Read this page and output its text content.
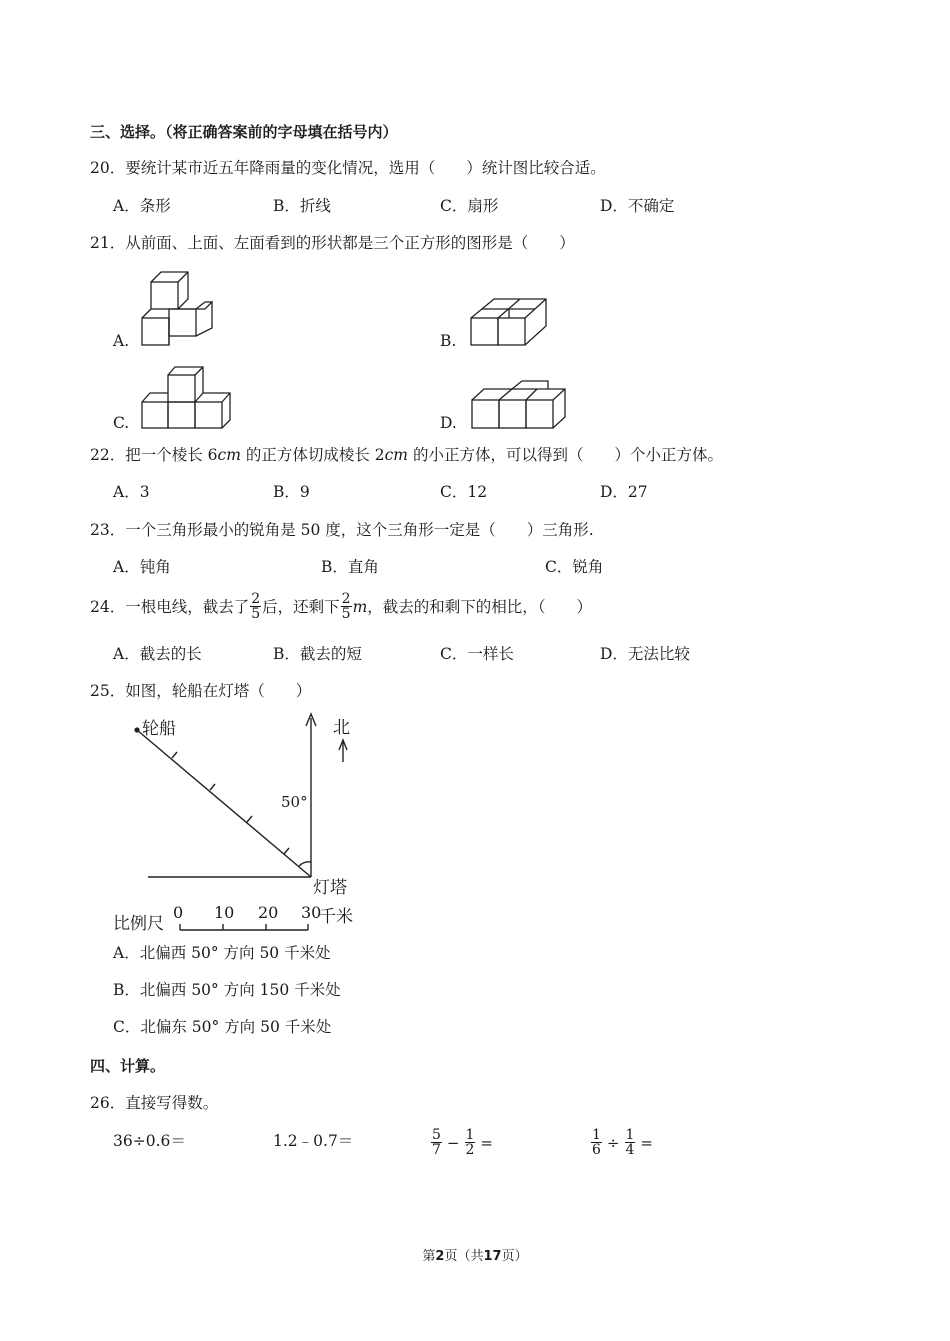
三、选择。（将正确答案前的字母填在括号内）
20．要统计某市近五年降雨量的变化情况，选用（　　）统计图比较合适。
A．条形	B．折线	C．扇形	D．不确定
21．从前面、上面、左面看到的形状都是三个正方形的图形是（　　）
A.	B.
C.	D.
22．把一个棱长 6cm 的正方体切成棱长 2cm 的小正方体，可以得到（　　）个小正方体。
A．3	B．9	C．12	D．27
23．一个三角形最小的锐角是 50 度，这个三角形一定是（　　）三角形.
A．钝角	B．直角	C．锐角
24．一根电线，截去了 $\frac{2}{5}$ 后，还剩下 $\frac{2}{5}$ m ，截去的和剩下的相比，（　　）
A．截去的长	B．截去的短	C．一样长	D．无法比较
25．如图，轮船在灯塔（　　）
轮船	北
50°
灯塔
比例尺
0 10 20 30
千米
A．北偏西 50° 方向 50 千米处
B．北偏西 50° 方向 150 千米处
C．北偏东 50° 方向 50 千米处
四、计算。
26．直接写得数。
36÷0.6＝	1.2﹣0.7＝	$\frac{5}{7} - \frac{1}{2}$ =	$\frac{1}{6} \div \frac{1}{4}$ =
第2页（共17页）
